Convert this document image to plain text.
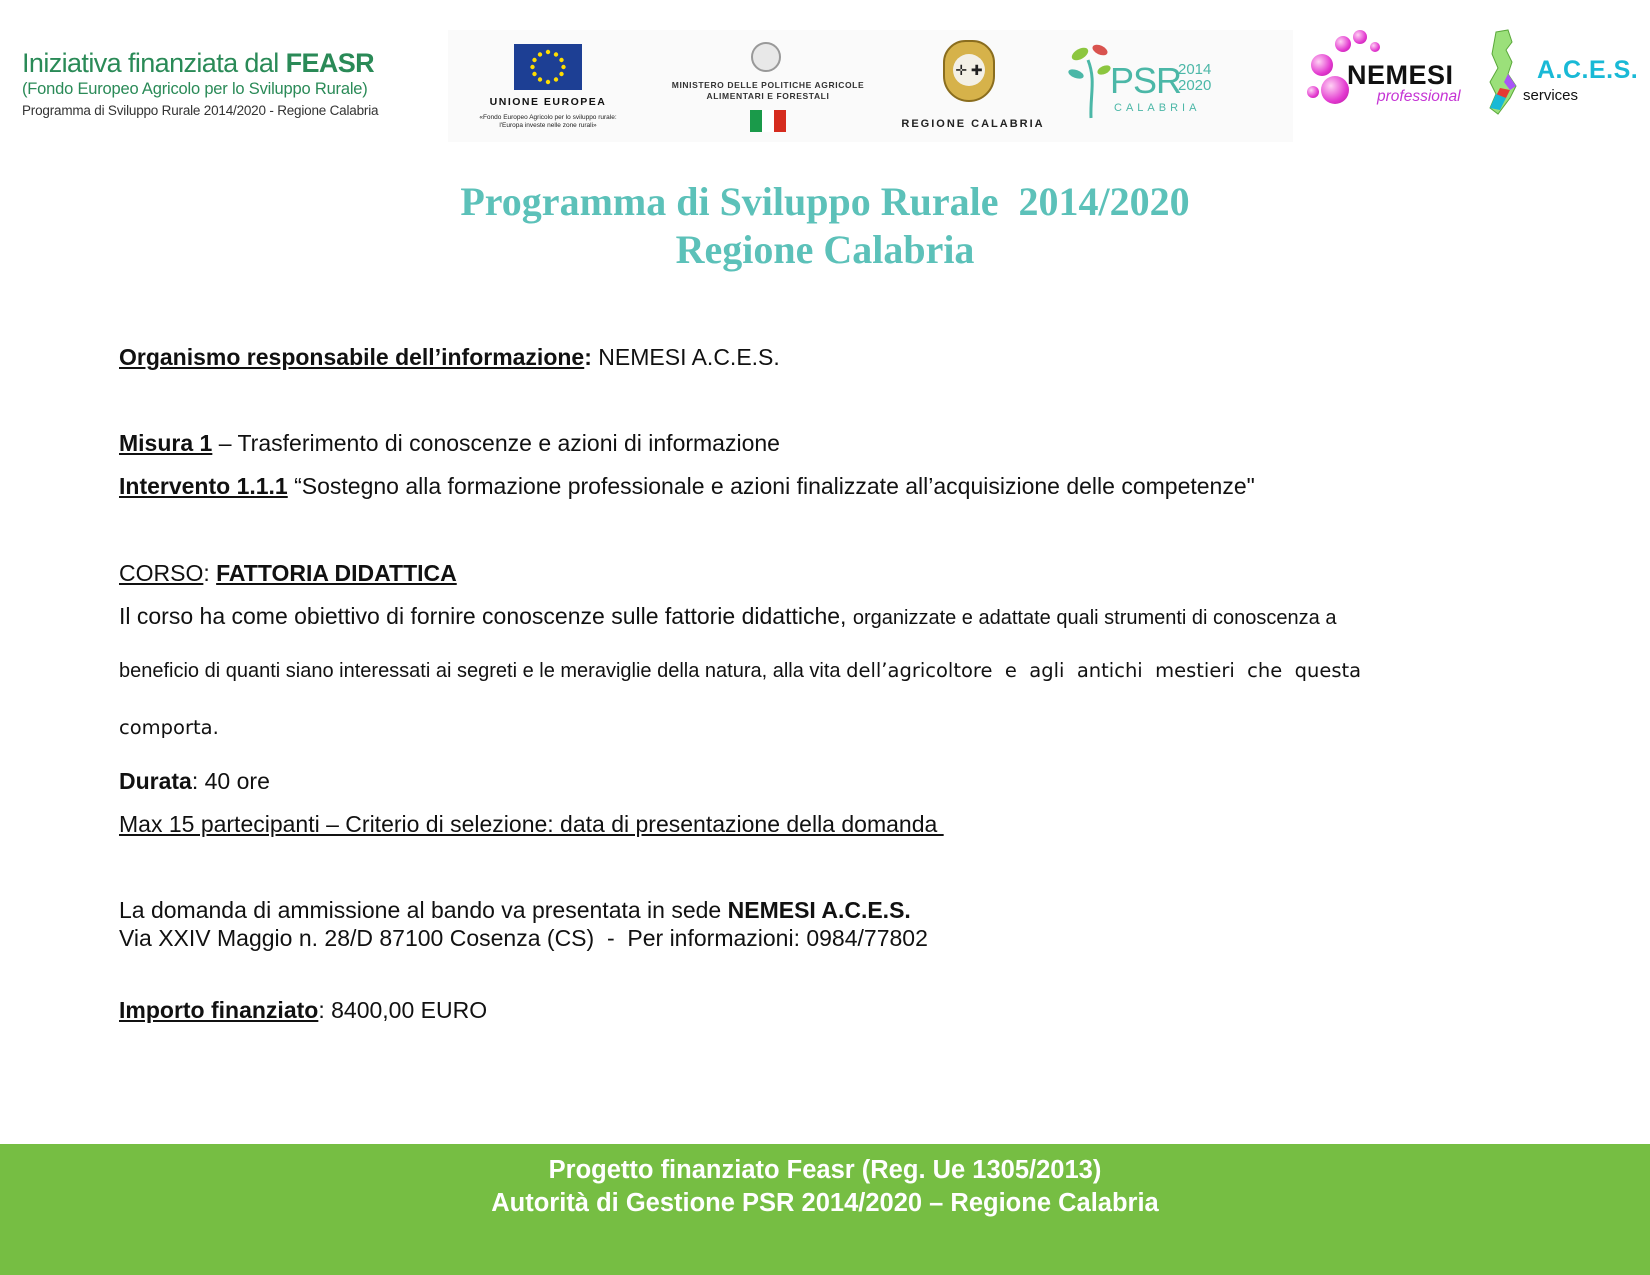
Iniziativa finanziata dal FEASR
(Fondo Europeo Agricolo per lo Sviluppo Rurale)
Programma di Sviluppo Rurale 2014/2020 - Regione Calabria
UNIONE EUROPEA
«Fondo Europeo Agricolo per lo sviluppo rurale:
l'Europa investe nelle zone rurali»
MINISTERO DELLE POLITICHE AGRICOLE
ALIMENTARI E FORESTALI
✛ ✚
REGIONE CALABRIA
PSR
2014
2020
CALABRIA
NEMESI
professional
A.C.E.S.
services
Programma di Sviluppo Rurale  2014/2020
Regione Calabria
Organismo responsabile dell’informazione: NEMESI A.C.E.S.
Misura 1 – Trasferimento di conoscenze e azioni di informazione
Intervento 1.1.1 “Sostegno alla formazione professionale e azioni finalizzate all’acquisizione delle competenze"
CORSO: FATTORIA DIDATTICA
Il corso ha come obiettivo di fornire conoscenze sulle fattorie didattiche, organizzate e adattate quali strumenti di conoscenza a
beneficio di quanti siano interessati ai segreti e le meraviglie della natura, alla vita dell’agricoltore  e  agli  antichi  mestieri  che  questa
comporta.
Durata: 40 ore
Max 15 partecipanti – Criterio di selezione: data di presentazione della domanda
La domanda di ammissione al bando va presentata in sede NEMESI A.C.E.S.
Via XXIV Maggio n. 28/D 87100 Cosenza (CS)  -  Per informazioni: 0984/77802
Importo finanziato: 8400,00 EURO
Progetto finanziato Feasr (Reg. Ue 1305/2013)
Autorità di Gestione PSR 2014/2020 – Regione Calabria
